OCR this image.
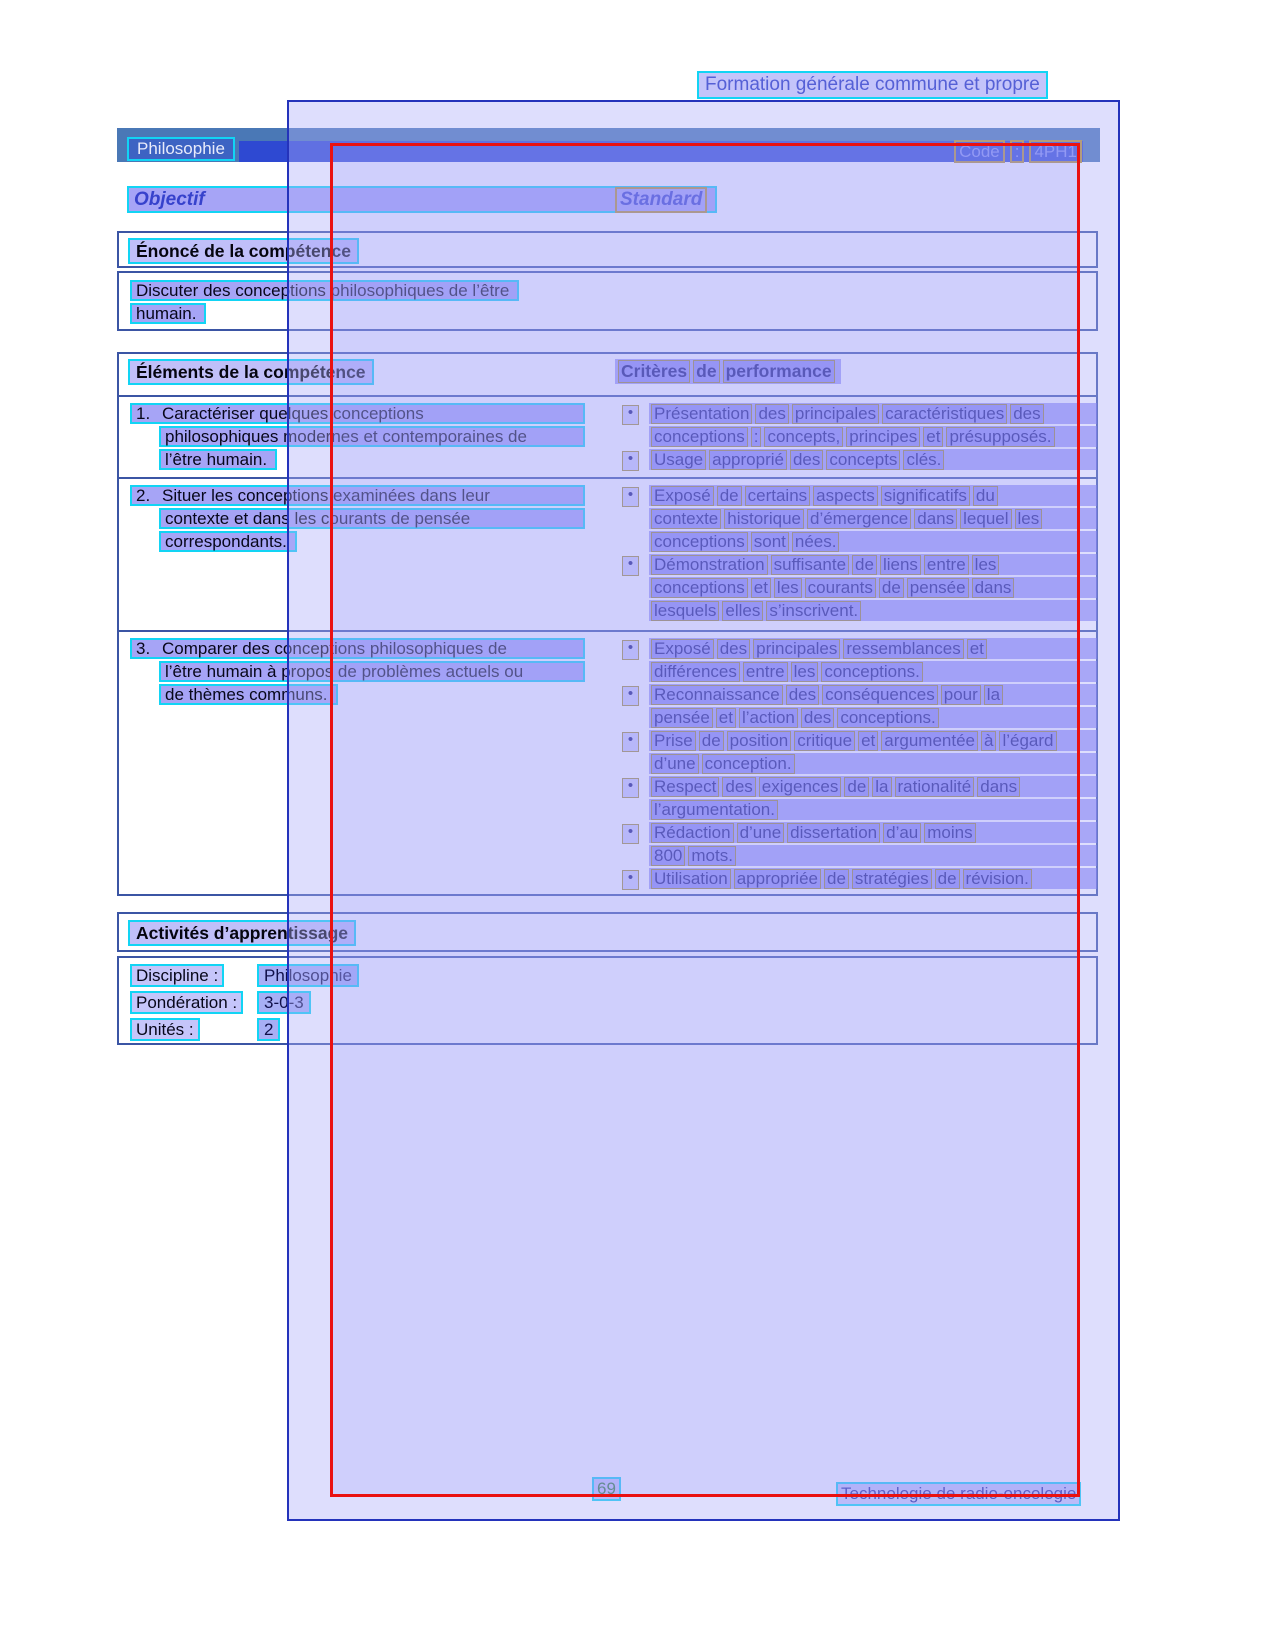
Formation générale commune et propre
Philosophie	Code : 4PH1
Objectif	Standard
Énoncé de la compétence
Discuter des conceptions philosophiques de l’être
humain.
Éléments de la compétence	Critères de performance
1. Caractériser quelques conceptions
philosophiques modernes et contemporaines de
l’être humain.
•	Présentation des principales caractéristiques des
conceptions : concepts, principes et présupposés.
•	Usage approprié des concepts clés.
2. Situer les conceptions examinées dans leur
contexte et dans les courants de pensée
correspondants.
•	Exposé de certains aspects significatifs du
contexte historique d’émergence dans lequel les
conceptions sont nées.
•	Démonstration suffisante de liens entre les
conceptions et les courants de pensée dans
lesquels elles s’inscrivent.
3. Comparer des conceptions philosophiques de
l’être humain à propos de problèmes actuels ou
de thèmes communs.
•	Exposé des principales ressemblances et
différences entre les conceptions.
•	Reconnaissance des conséquences pour la
pensée et l’action des conceptions.
•	Prise de position critique et argumentée à l’égard
d’une conception.
•	Respect des exigences de la rationalité dans
l’argumentation.
•	Rédaction d’une dissertation d’au moins
800 mots.
•	Utilisation appropriée de stratégies de révision.
Activités d’apprentissage
Discipline :	Philosophie
Pondération :	3-0-3
Unités :	2
69	Technologie de radio-oncologie
